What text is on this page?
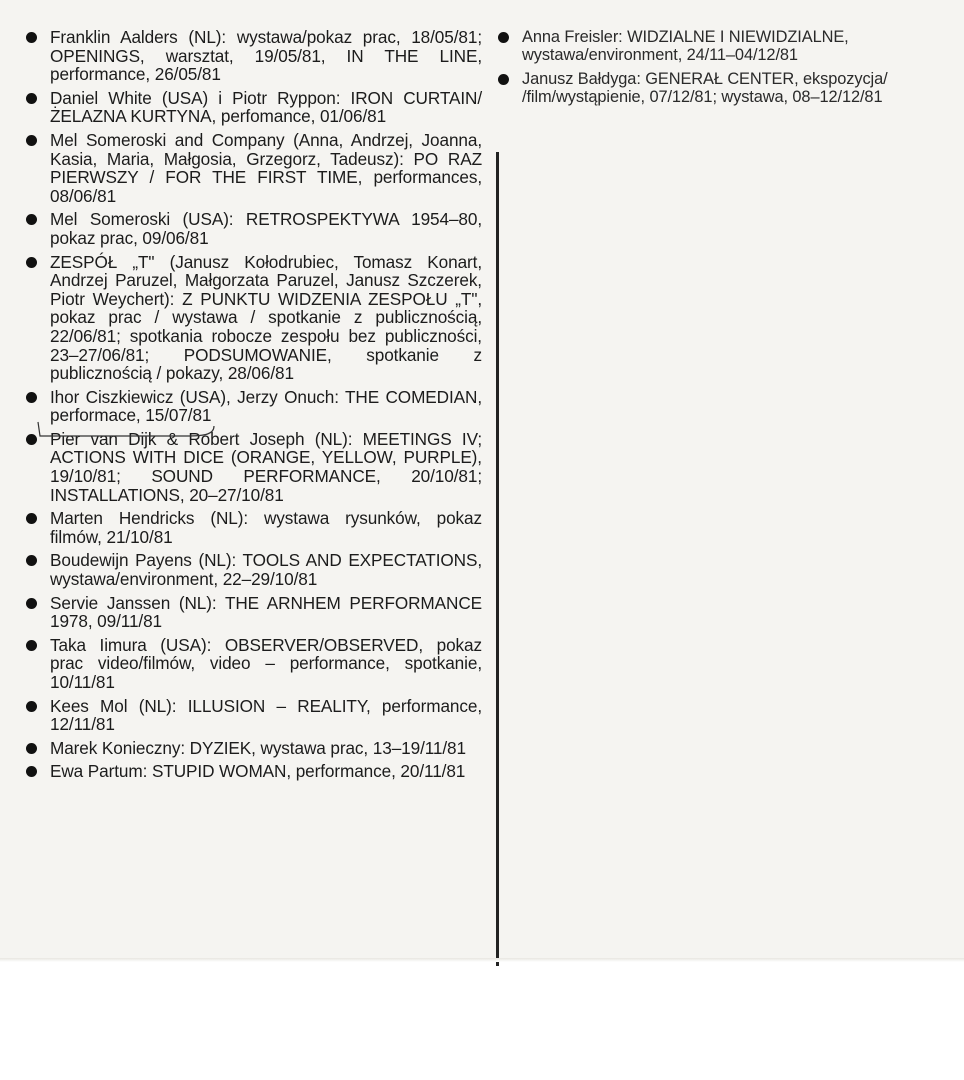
Franklin Aalders (NL): wystawa/pokaz prac, 18/05/81; OPENINGS, warsztat, 19/05/81, IN THE LINE, performance, 26/05/81
Daniel White (USA) i Piotr Ryppon: IRON CURTAIN/ŻELAZNA KURTYNA, perfomance, 01/06/81
Mel Someroski and Company (Anna, Andrzej, Joanna, Kasia, Maria, Małgosia, Grzegorz, Tadeusz): PO RAZ PIERWSZY / FOR THE FIRST TIME, performances, 08/06/81
Mel Someroski (USA): RETROSPEKTYWA 1954–80, pokaz prac, 09/06/81
ZESPÓŁ „T" (Janusz Kołodrubiec, Tomasz Konart, Andrzej Paruzel, Małgorzata Paruzel, Janusz Szczerek, Piotr Weychert): Z PUNKTU WIDZENIA ZESPOŁU „T", pokaz prac / wystawa / spotkanie z publicznością, 22/06/81; spotkania robocze zespołu bez publiczności, 23–27/06/81; PODSUMOWANIE, spotkanie z publicznością / pokazy, 28/06/81
Ihor Ciszkiewicz (USA), Jerzy Onuch: THE COMEDIAN, performace, 15/07/81
Pier van Dijk & Robert Joseph (NL): MEETINGS IV; ACTIONS WITH DICE (ORANGE, YELLOW, PURPLE), 19/10/81; SOUND PERFORMANCE, 20/10/81; INSTALLATIONS, 20–27/10/81
Marten Hendricks (NL): wystawa rysunków, pokaz filmów, 21/10/81
Boudewijn Payens (NL): TOOLS AND EXPECTATIONS, wystawa/environment, 22–29/10/81
Servie Janssen (NL): THE ARNHEM PERFORMANCE 1978, 09/11/81
Taka Iimura (USA): OBSERVER/OBSERVED, pokaz prac video/filmów, video – performance, spotkanie, 10/11/81
Kees Mol (NL): ILLUSION – REALITY, performance, 12/11/81
Marek Konieczny: DYZIEK, wystawa prac, 13–19/11/81
Ewa Partum: STUPID WOMAN, performance, 20/11/81
Anna Freisler: WIDZIALNE I NIEWIDZIALNE, wystawa/environment, 24/11–04/12/81
Janusz Bałdyga: GENERAŁ CENTER, ekspozycja/ /film/wystąpienie, 07/12/81; wystawa, 08–12/12/81
